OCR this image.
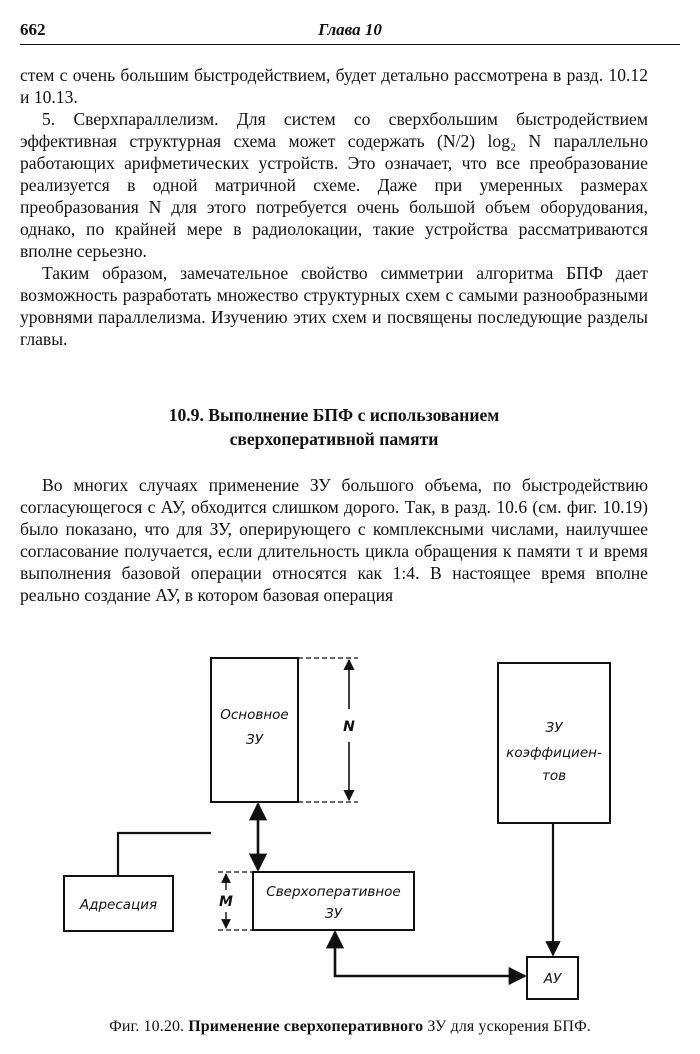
662	Глава 10

стем с очень большим быстродействием, будет детально рассмотрена в разд. 10.12 и 10.13.

5. Сверхпараллелизм. Для систем со сверхбольшим быстродействием эффективная структурная схема может содержать (N/2) log₂ N параллельно работающих арифметических устройств. Это означает, что все преобразование реализуется в одной матричной схеме. Даже при умеренных размерах преобразования N для этого потребуется очень большой объем оборудования, однако, по крайней мере в радиолокации, такие устройства рассматриваются вполне серьезно.

Таким образом, замечательное свойство симметрии алгоритма БПФ дает возможность разработать множество структурных схем с самыми разнообразными уровнями параллелизма. Изучению этих схем и посвящены последующие разделы главы.

10.9. Выполнение БПФ с использованием
сверхоперативной памяти

Во многих случаях применение ЗУ большого объема, по быстродействию согласующегося с АУ, обходится слишком дорого. Так, в разд. 10.6 (см. фиг. 10.19) было показано, что для ЗУ, оперирующего с комплексными числами, наилучшее согласование получается, если длительность цикла обращения к памяти τ и время выполнения базовой операции относятся как 1:4. В настоящее время вполне реально создание АУ, в котором базовая операция

Основное
ЗУ
N	ЗУ
коэффициен-
тов
Сверхоперативное
ЗУ
M
Адресация
АУ
Фиг. 10.20. Применение сверхоперативного ЗУ для ускорения БПФ.
